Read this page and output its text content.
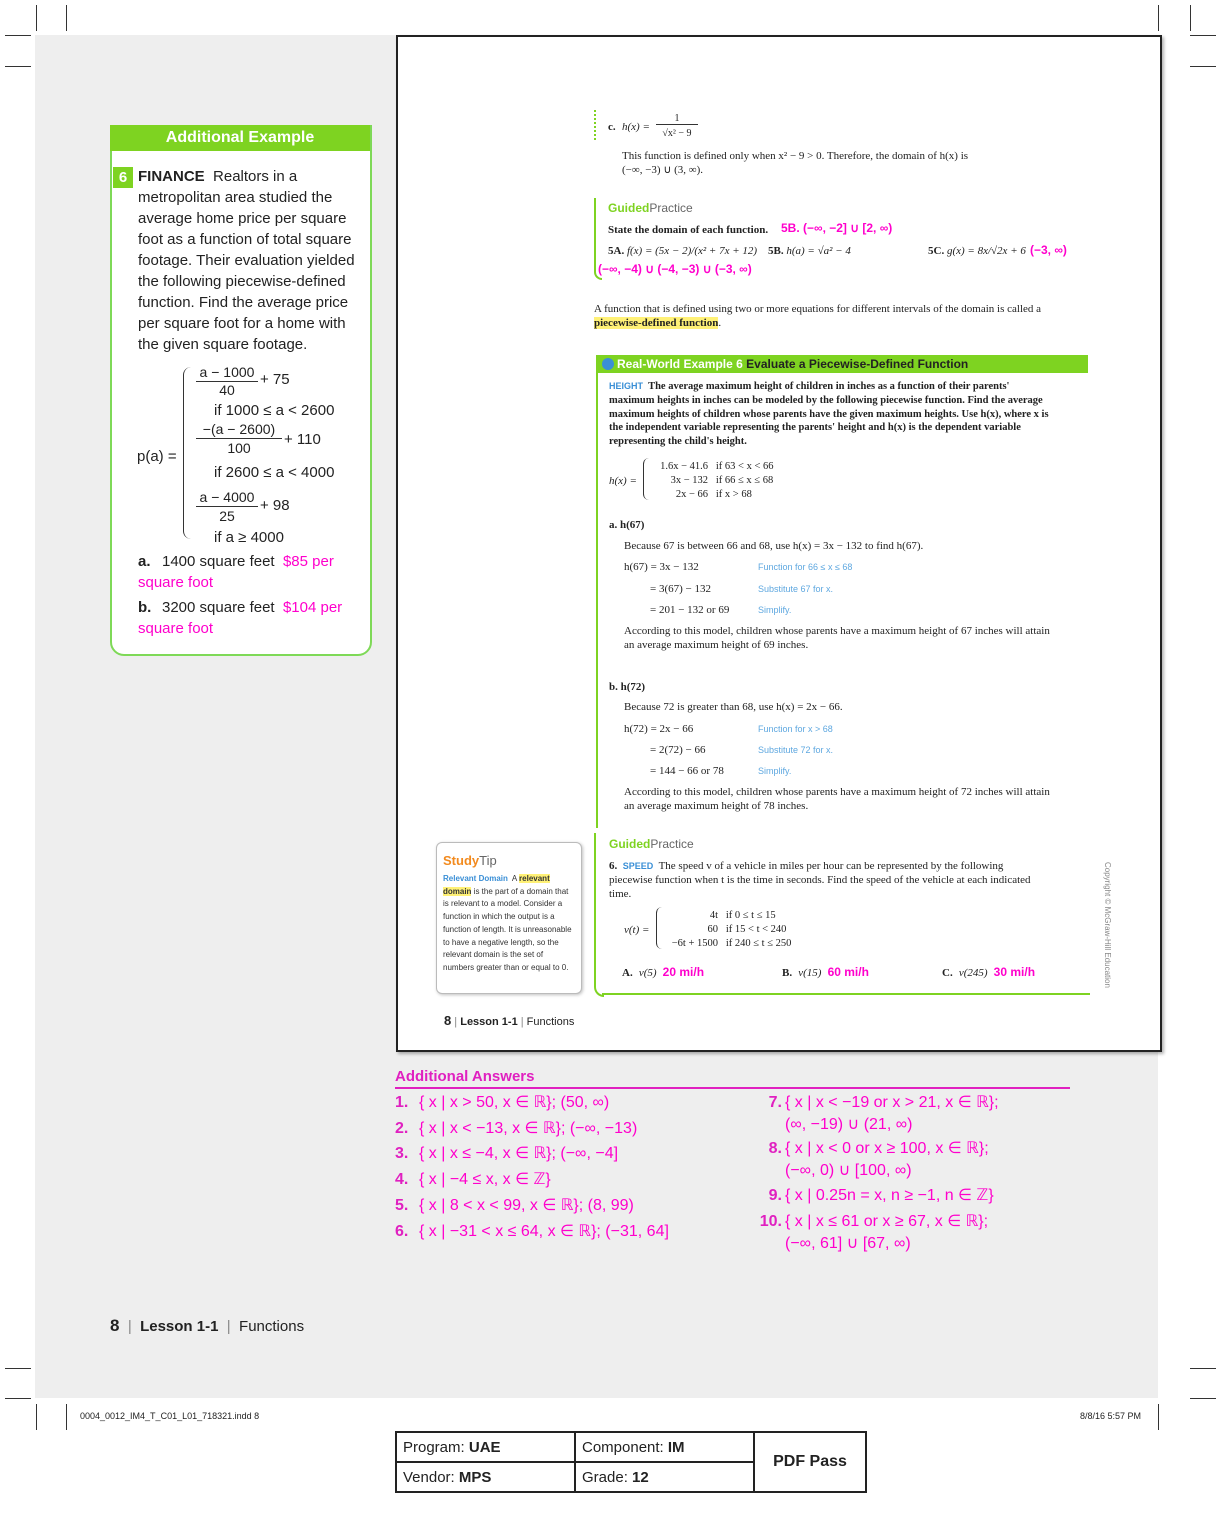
Additional Example
6 FINANCE Realtors in a metropolitan area studied the average home price per square foot as a function of total square footage. Their evaluation yielded the following piecewise-defined function. Find the average price per square foot for a home with the given square footage.
p(a) =
a − 1000
40
+ 75
if 1000 ≤ a < 2600
−(a − 2600)
100	+ 110
if 2600 ≤ a < 4000
a − 4000
25
+ 98
if a ≥ 4000
a. 1400 square feet $85 per square foot
b. 3200 square feet $104 per square foot
c. h(x) =
1
√x² − 9
This function is defined only when x² − 9 > 0. Therefore, the domain of h(x) is (−∞, −3) ∪ (3, ∞).
GuidedPractice
State the domain of each function. 5B. (−∞, −2] ∪ [2, ∞)
5A. f(x) = (5x − 2)/(x² + 7x + 12) 5B. h(a) = √a² − 4	5C. g(x) = 8x/√2x + 6 (−3, ∞)
(−∞, −4) ∪ (−4, −3) ∪ (−3, ∞)
A function that is defined using two or more equations for different intervals of the domain is called a piecewise-defined function.
Real-World Example 6 Evaluate a Piecewise-Defined Function
HEIGHT The average maximum height of children in inches as a function of their parents' maximum heights in inches can be modeled by the following piecewise function. Find the average maximum heights of children whose parents have the given maximum heights. Use h(x), where x is the independent variable representing the parents' height and h(x) is the dependent variable representing the child's height.
h(x) =
1.6x − 41.6 if 63 < x < 66
3x − 132 if 66 ≤ x ≤ 68
2x − 66 if x > 68
a. h(67)
Because 67 is between 66 and 68, use h(x) = 3x − 132 to find h(67).
h(67) = 3x − 132	Function for 66 ≤ x ≤ 68
= 3(67) − 132	Substitute 67 for x.
= 201 − 132 or 69	Simplify.
According to this model, children whose parents have a maximum height of 67 inches will attain an average maximum height of 69 inches.
b. h(72)
Because 72 is greater than 68, use h(x) = 2x − 66.
h(72) = 2x − 66	Function for x > 68
= 2(72) − 66	Substitute 72 for x.
= 144 − 66 or 78	Simplify.
According to this model, children whose parents have a maximum height of 72 inches will attain an average maximum height of 78 inches.
GuidedPractice
6. SPEED The speed v of a vehicle in miles per hour can be represented by the following piecewise function when t is the time in seconds. Find the speed of the vehicle at each indicated time.
v(t) =
4t if 0 ≤ t ≤ 15
60 if 15 < t < 240
−6t + 1500 if 240 ≤ t ≤ 250
A. v(5) 20 mi/h	B. v(15) 60 mi/h	C. v(245) 30 mi/h
StudyTip
Relevant Domain A relevant domain is the part of a domain that is relevant to a model. Consider a function in which the output is a function of length. It is unreasonable to have a negative length, so the relevant domain is the set of numbers greater than or equal to 0.	Copyright © McGraw-Hill Education
8 | Lesson 1-1 | Functions
Additional Answers
1. { x | x > 50, x ∈ ℝ}; (50, ∞)
2. { x | x < −13, x ∈ ℝ}; (−∞, −13)
3. { x | x ≤ −4, x ∈ ℝ}; (−∞, −4]
4. { x | −4 ≤ x, x ∈ ℤ}
5. { x | 8 < x < 99, x ∈ ℝ}; (8, 99)
6. { x | −31 < x ≤ 64, x ∈ ℝ}; (−31, 64]
7. { x | x < −19 or x > 21, x ∈ ℝ};
(∞, −19) ∪ (21, ∞)
8. { x | x < 0 or x ≥ 100, x ∈ ℝ};
(−∞, 0) ∪ [100, ∞)
9. { x | 0.25n = x, n ≥ −1, n ∈ ℤ}
10. { x | x ≤ 61 or x ≥ 67, x ∈ ℝ};
(−∞, 61] ∪ [67, ∞)
8 | Lesson 1-1 | Functions
0004_0012_IM4_T_C01_L01_718321.indd 8	8/8/16 5:57 PM
Program: UAE	Component: IM	PDF Pass
Vendor: MPS	Grade: 12	
